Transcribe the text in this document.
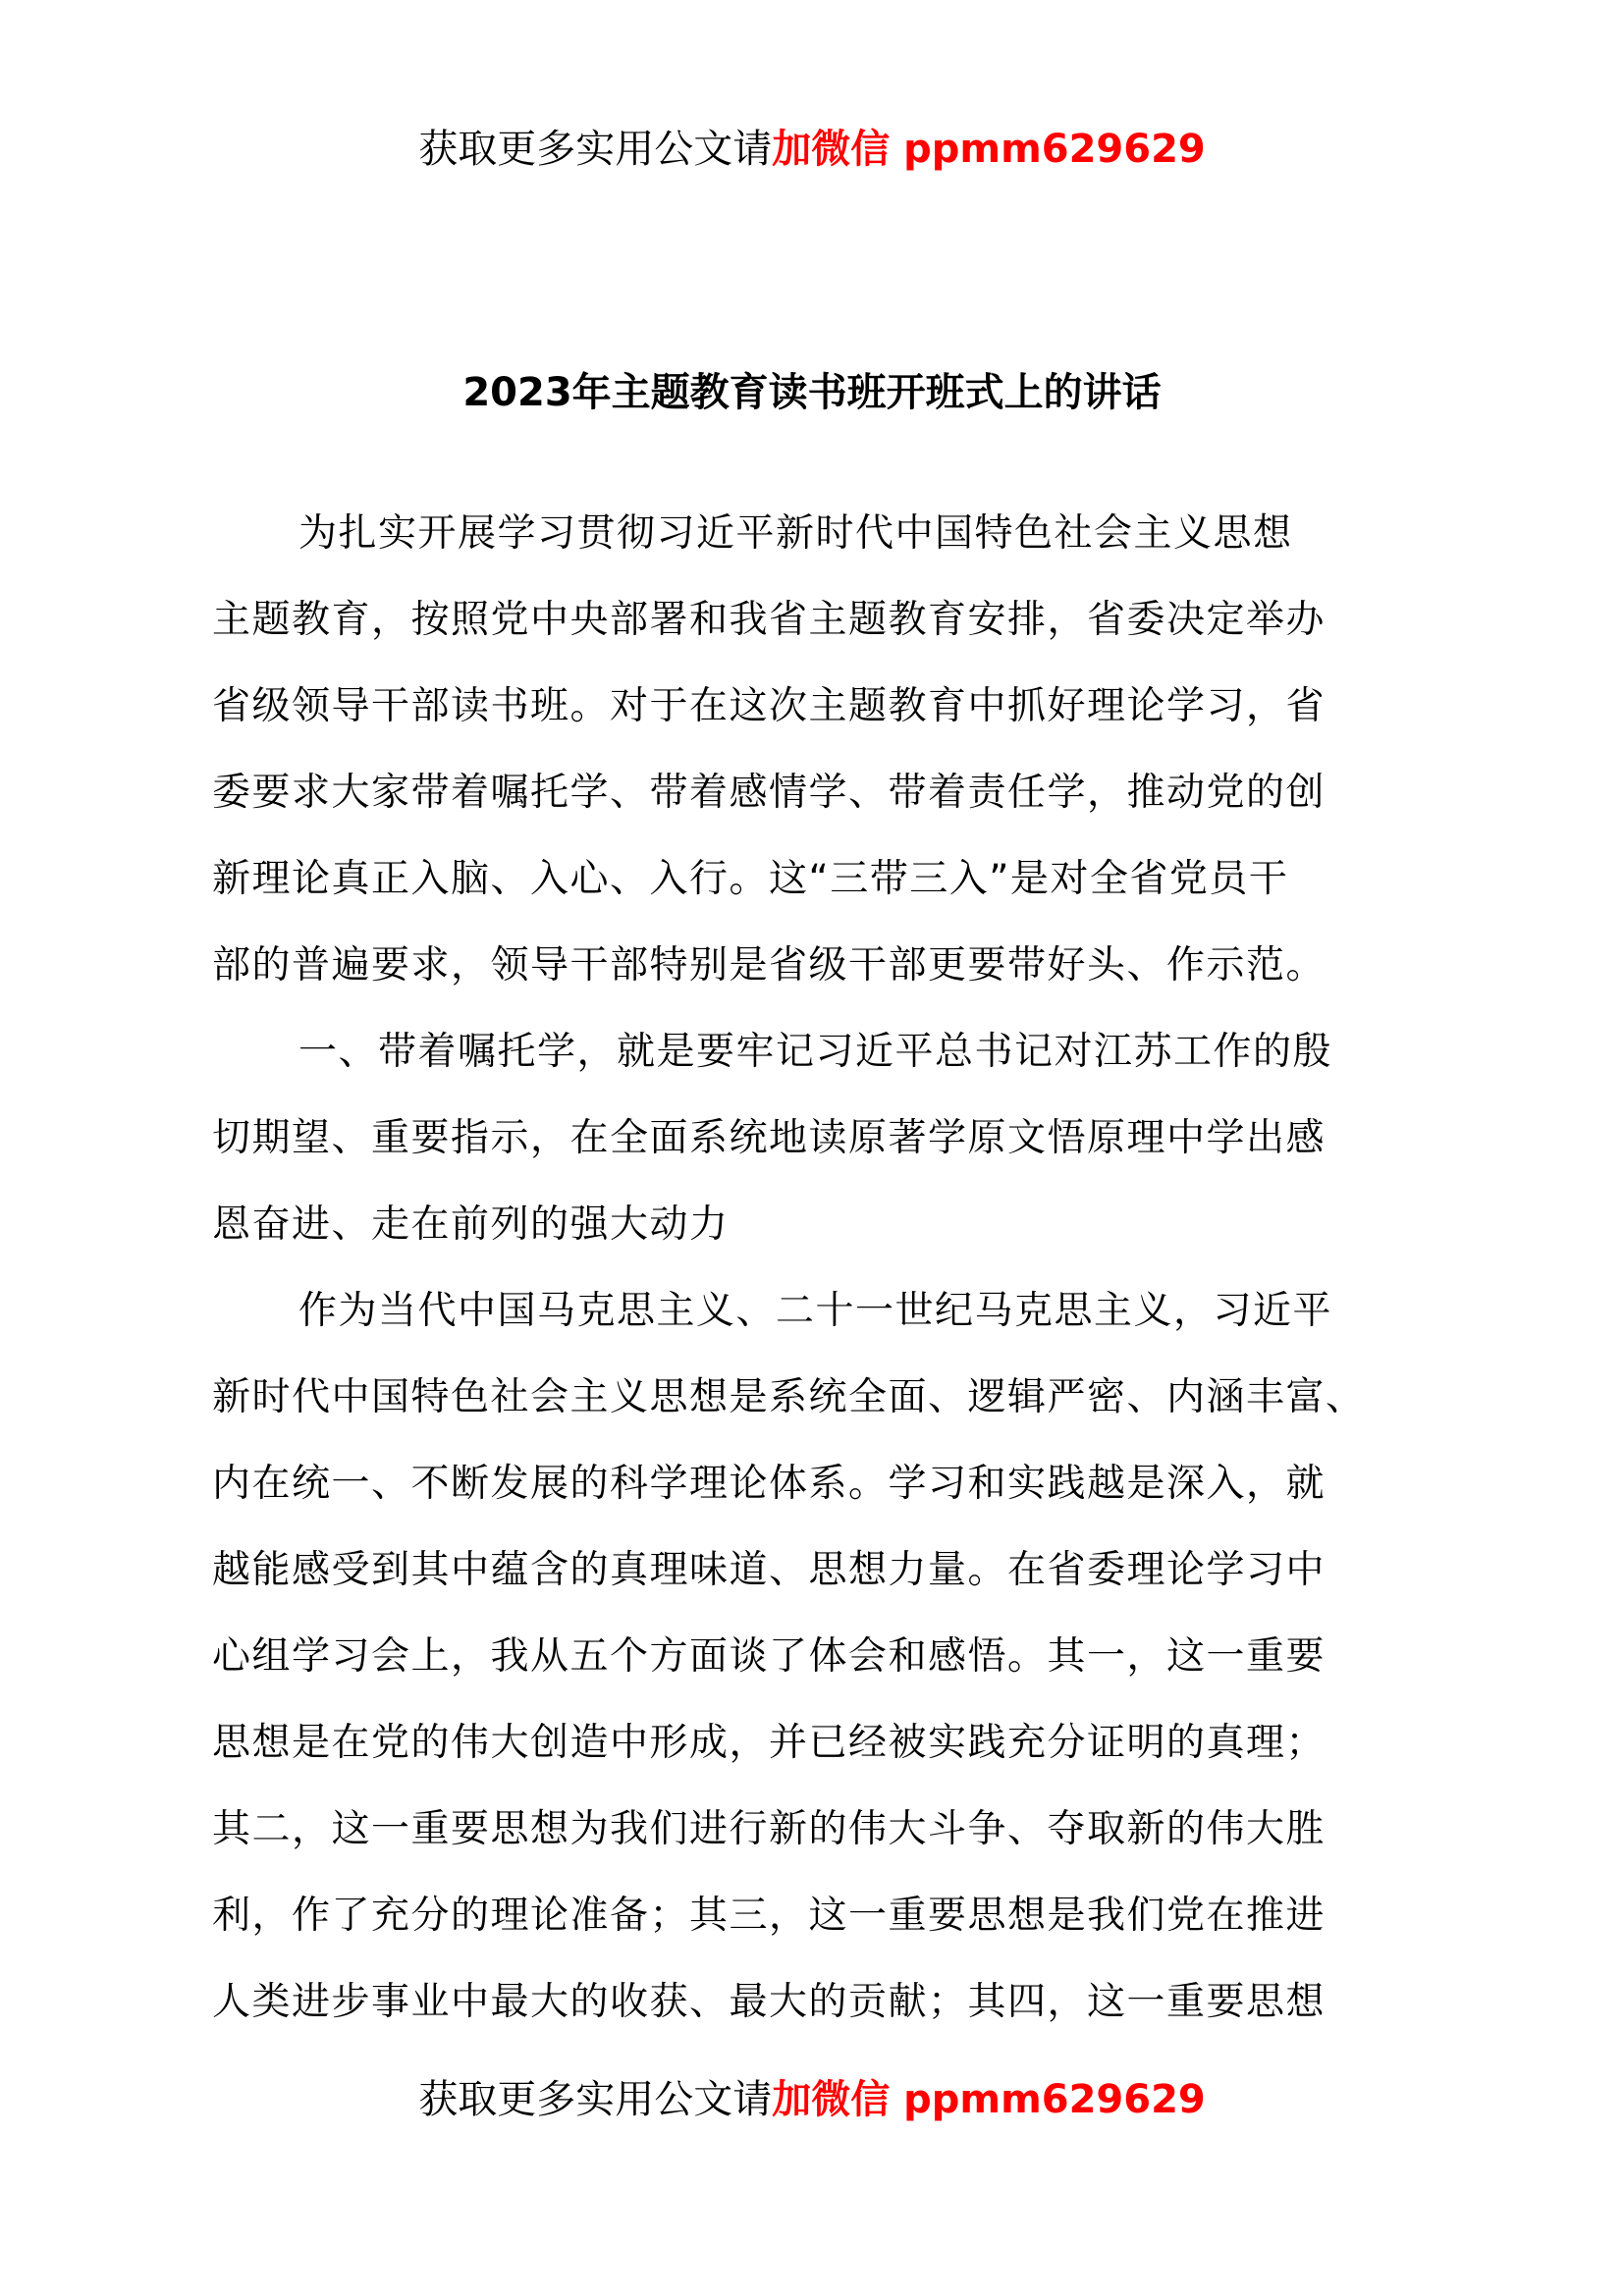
获取更多实用公文请加微信 ppmm629629
2023年主题教育读书班开班式上的讲话
为扎实开展学习贯彻习近平新时代中国特色社会主义思想
主题教育，按照党中央部署和我省主题教育安排，省委决定举办
省级领导干部读书班。对于在这次主题教育中抓好理论学习，省
委要求大家带着嘱托学、带着感情学、带着责任学，推动党的创
新理论真正入脑、入心、入行。这“三带三入”是对全省党员干
部的普遍要求，领导干部特别是省级干部更要带好头、作示范。
一、带着嘱托学，就是要牢记习近平总书记对江苏工作的殷
切期望、重要指示，在全面系统地读原著学原文悟原理中学出感
恩奋进、走在前列的强大动力
作为当代中国马克思主义、二十一世纪马克思主义，习近平
新时代中国特色社会主义思想是系统全面、逻辑严密、内涵丰富、
内在统一、不断发展的科学理论体系。学习和实践越是深入，就
越能感受到其中蕴含的真理味道、思想力量。在省委理论学习中
心组学习会上，我从五个方面谈了体会和感悟。其一，这一重要
思想是在党的伟大创造中形成，并已经被实践充分证明的真理；
其二，这一重要思想为我们进行新的伟大斗争、夺取新的伟大胜
利，作了充分的理论准备；其三，这一重要思想是我们党在推进
人类进步事业中最大的收获、最大的贡献；其四，这一重要思想
获取更多实用公文请加微信 ppmm629629
